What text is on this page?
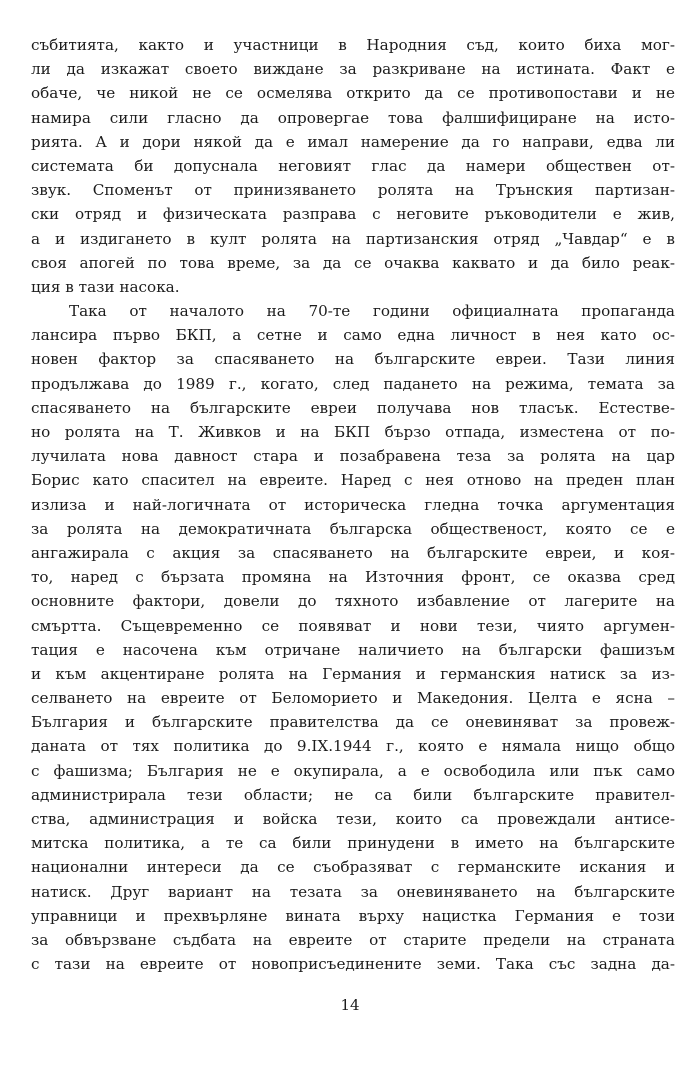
събитията, както и участници в Народния съд, които биха мог-
ли да изкажат своето виждане за разкриване на истината. Факт е
обаче, че никой не се осмелява открито да се противопостави и не
намира сили гласно да опровергае това фалшифициране на исто-
рията. А и дори някой да е имал намерение да го направи, едва ли
системата би допуснала неговият глас да намери обществен от-
звук. Споменът от принизяването ролята на Трънския партизан-
ски отряд и физическата разправа с неговите ръководители е жив,
а и издигането в култ ролята на партизанския отряд „Чавдар“ е в
своя апогей по това време, за да се очаква каквато и да било реак-
ция в тази насока.
Така от началото на 70-те години официалната пропаганда
лансира първо БКП, а сетне и само една личност в нея като ос-
новен фактор за спасяването на българските евреи. Тази линия
продължава до 1989 г., когато, след падането на режима, темата за
спасяването на българските евреи получава нов тласък. Естестве-
но ролята на Т. Живков и на БКП бързо отпада, изместена от по-
лучилата нова давност стара и позабравена теза за ролята на цар
Борис като спасител на евреите. Наред с нея отново на преден план
излиза и най-логичната от историческа гледна точка аргументация
за ролята на демократичната българска общественост, която се е
ангажирала с акция за спасяването на българските евреи, и коя-
то, наред с бързата промяна на Източния фронт, се оказва сред
основните фактори, довели до тяхното избавление от лагерите на
смъртта. Същевременно се появяват и нови тези, чиято аргумен-
тация е насочена към отричане наличието на български фашизъм
и към акцентиране ролята на Германия и германския натиск за из-
селването на евреите от Беломорието и Македония. Целта е ясна –
България и българските правителства да се оневиняват за провеж-
даната от тях политика до 9.IX.1944 г., която е нямала нищо общо
с фашизма; България не е окупирала, а е освободила или пък само
администрирала тези области; не са били българските правител-
ства, администрация и войска тези, които са провеждали антисе-
митска политика, а те са били принудени в името на българските
национални интереси да се съобразяват с германските искания и
натиск. Друг вариант на тезата за оневиняването на българските
управници и прехвърляне вината върху нацистка Германия е този
за обвързване съдбата на евреите от старите предели на страната
с тази на евреите от новоприсъединените земи. Така със задна да-
14
